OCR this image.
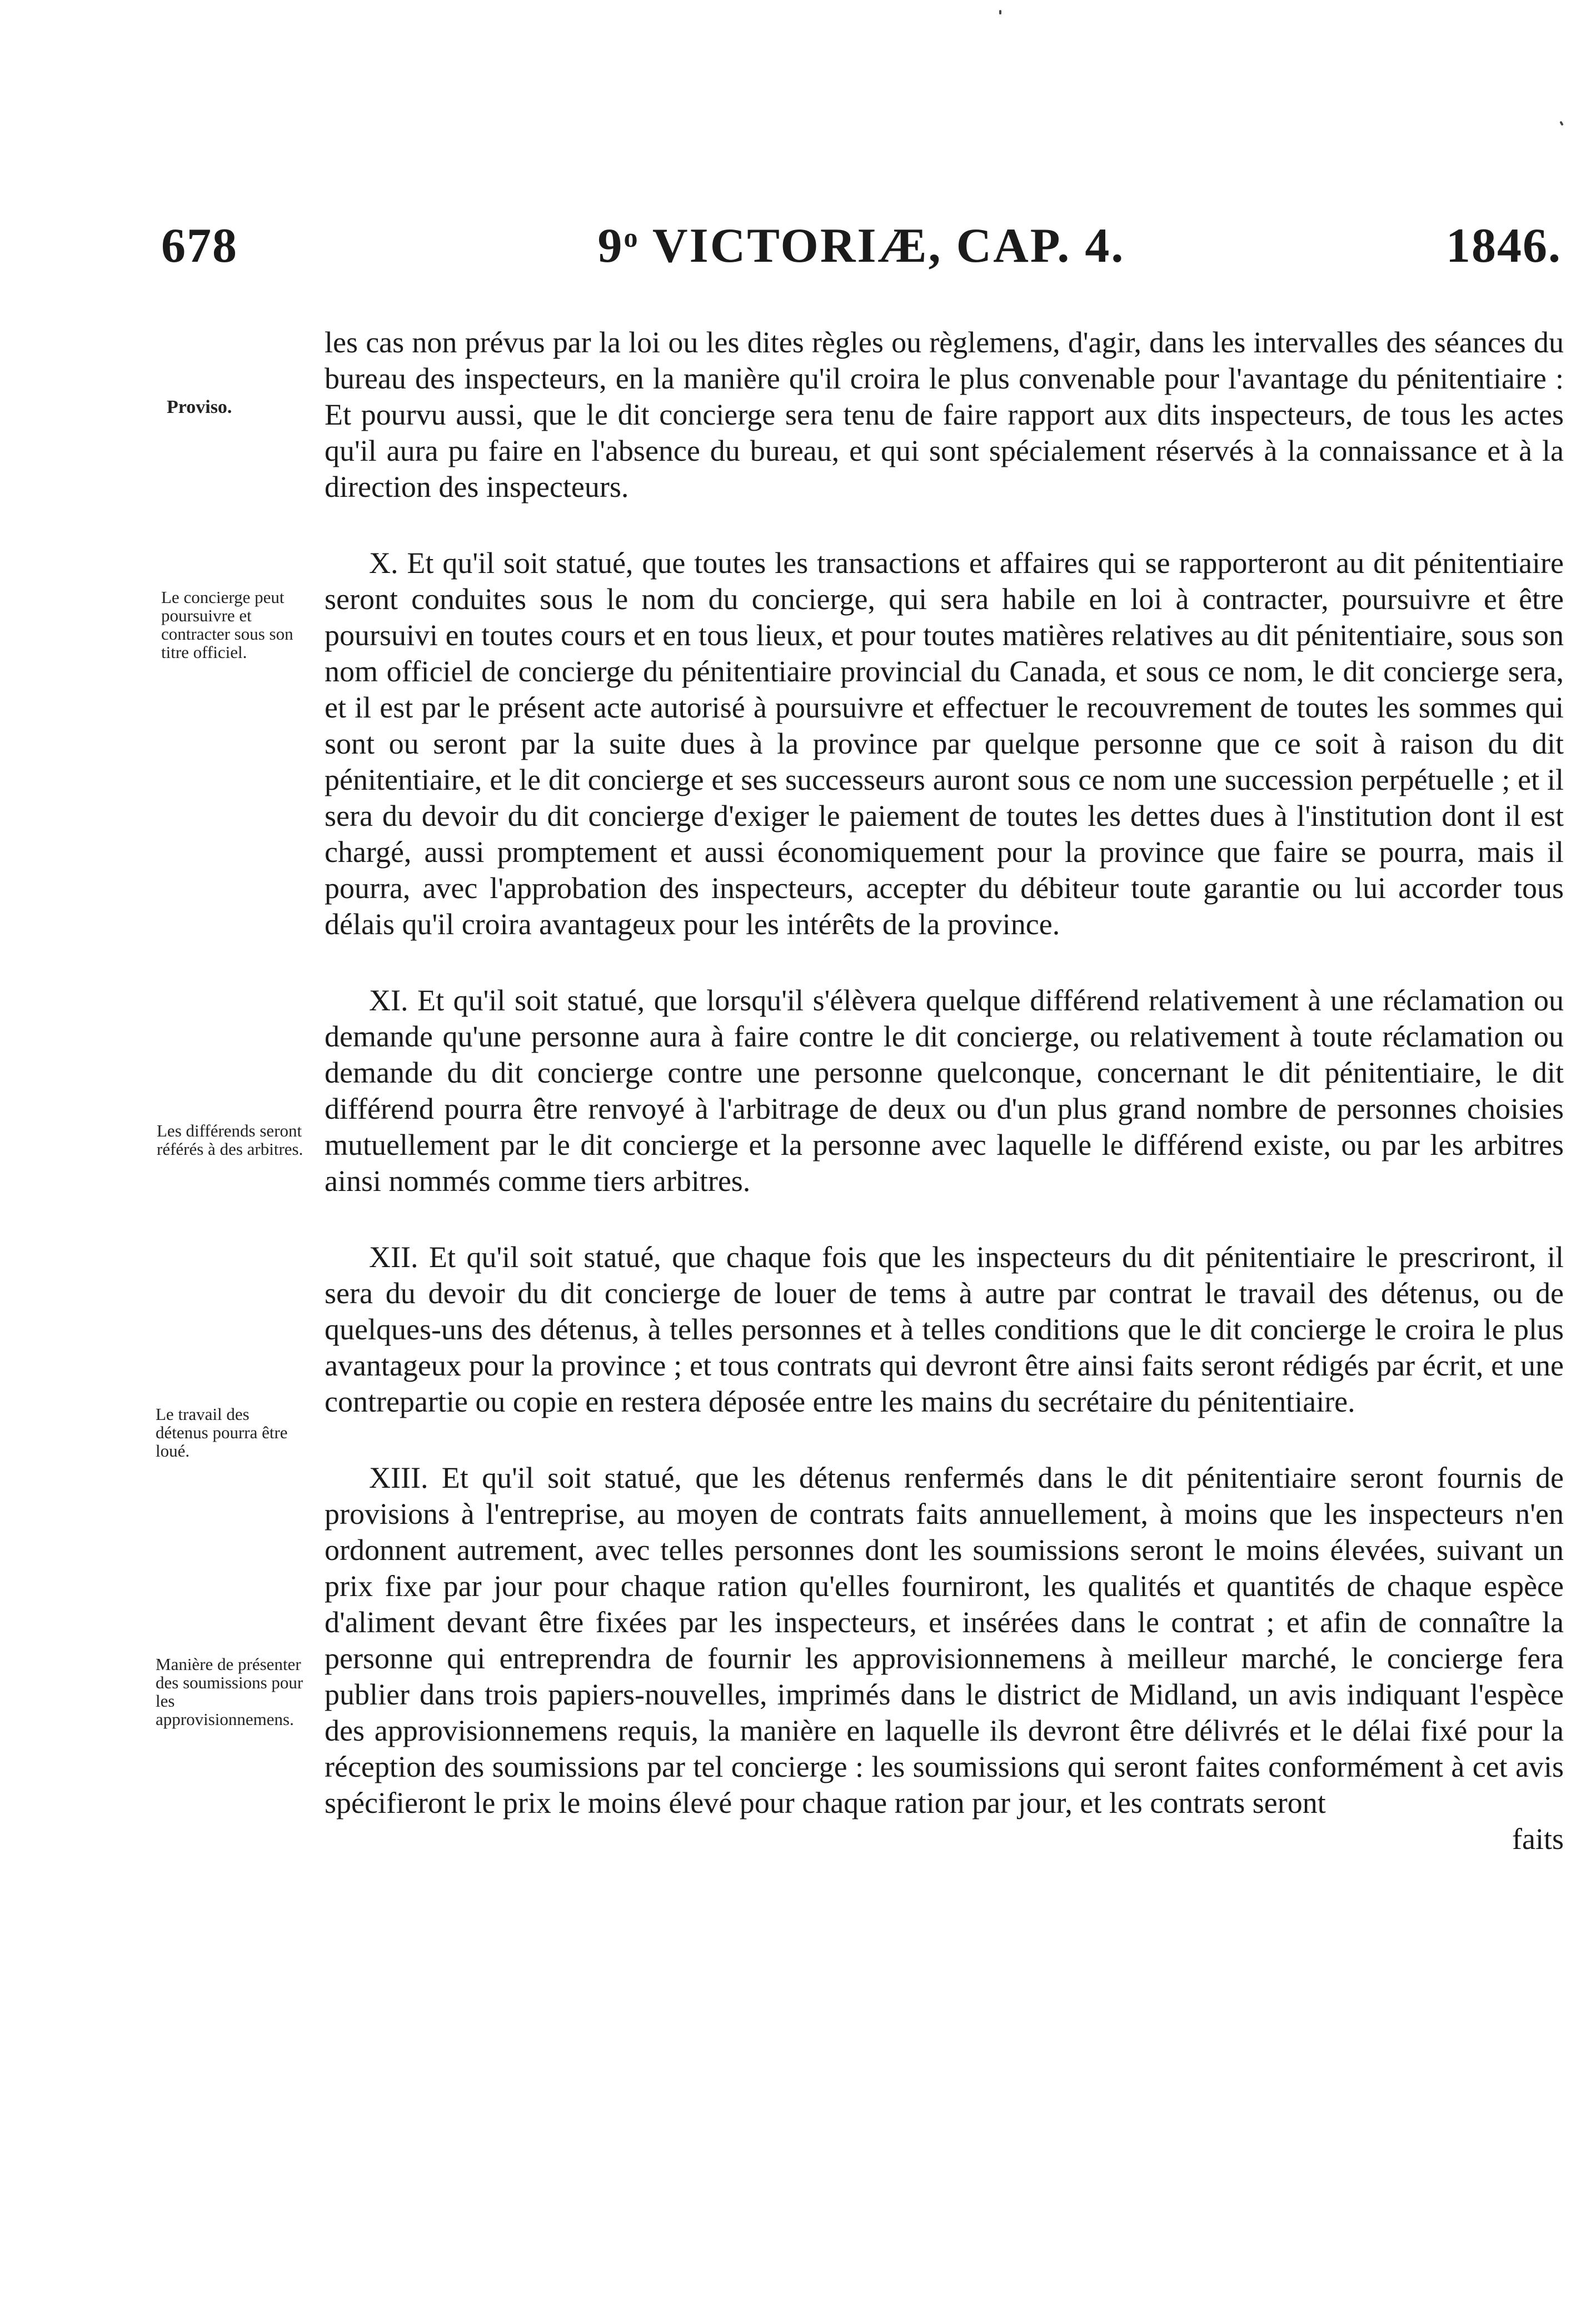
678	9$^o$ VICTORIÆ, CAP. 4.	1846.
Proviso.
Le concierge peut poursuivre et contracter sous son titre officiel.
Les différends seront référés à des arbitres.
Le travail des détenus pourra être loué.
Manière de présenter des soumissions pour les approvisionnemens.

les cas non prévus par la loi ou les dites règles ou règlemens, d'agir, dans les intervalles des séances du bureau des inspecteurs, en la manière qu'il croira le plus convenable pour l'avantage du pénitentiaire : Et pourvu aussi, que le dit concierge sera tenu de faire rapport aux dits inspecteurs, de tous les actes qu'il aura pu faire en l'absence du bureau, et qui sont spécialement réservés à la connaissance et à la direction des inspecteurs.

X. Et qu'il soit statué, que toutes les transactions et affaires qui se rapporteront au dit pénitentiaire seront conduites sous le nom du concierge, qui sera habile en loi à contracter, poursuivre et être poursuivi en toutes cours et en tous lieux, et pour toutes matières relatives au dit pénitentiaire, sous son nom officiel de concierge du pénitentiaire provincial du Canada, et sous ce nom, le dit concierge sera, et il est par le présent acte autorisé à poursuivre et effectuer le recouvrement de toutes les sommes qui sont ou seront par la suite dues à la province par quelque personne que ce soit à raison du dit pénitentiaire, et le dit concierge et ses successeurs auront sous ce nom une succession perpétuelle ; et il sera du devoir du dit concierge d'exiger le paiement de toutes les dettes dues à l'institution dont il est chargé, aussi promptement et aussi économiquement pour la province que faire se pourra, mais il pourra, avec l'approbation des inspecteurs, accepter du débiteur toute garantie ou lui accorder tous délais qu'il croira avantageux pour les intérêts de la province.

XI. Et qu'il soit statué, que lorsqu'il s'élèvera quelque différend relativement à une réclamation ou demande qu'une personne aura à faire contre le dit concierge, ou relativement à toute réclamation ou demande du dit concierge contre une personne quelconque, concernant le dit pénitentiaire, le dit différend pourra être renvoyé à l'arbitrage de deux ou d'un plus grand nombre de personnes choisies mutuellement par le dit concierge et la personne avec laquelle le différend existe, ou par les arbitres ainsi nommés comme tiers arbitres.

XII. Et qu'il soit statué, que chaque fois que les inspecteurs du dit pénitentiaire le prescriront, il sera du devoir du dit concierge de louer de tems à autre par contrat le travail des détenus, ou de quelques-uns des détenus, à telles personnes et à telles conditions que le dit concierge le croira le plus avantageux pour la province ; et tous contrats qui devront être ainsi faits seront rédigés par écrit, et une contrepartie ou copie en restera déposée entre les mains du secrétaire du pénitentiaire.

XIII. Et qu'il soit statué, que les détenus renfermés dans le dit pénitentiaire seront fournis de provisions à l'entreprise, au moyen de contrats faits annuellement, à moins que les inspecteurs n'en ordonnent autrement, avec telles personnes dont les soumissions seront le moins élevées, suivant un prix fixe par jour pour chaque ration qu'elles fourniront, les qualités et quantités de chaque espèce d'aliment devant être fixées par les inspecteurs, et insérées dans le contrat ; et afin de connaître la personne qui entreprendra de fournir les approvisionnemens à meilleur marché, le concierge fera publier dans trois papiers-nouvelles, imprimés dans le district de Midland, un avis indiquant l'espèce des approvisionnemens requis, la manière en laquelle ils devront être délivrés et le délai fixé pour la réception des soumissions par tel concierge : les soumissions qui seront faites conformément à cet avis spécifieront le prix le moins élevé pour chaque ration par jour, et les contrats seront

faits
